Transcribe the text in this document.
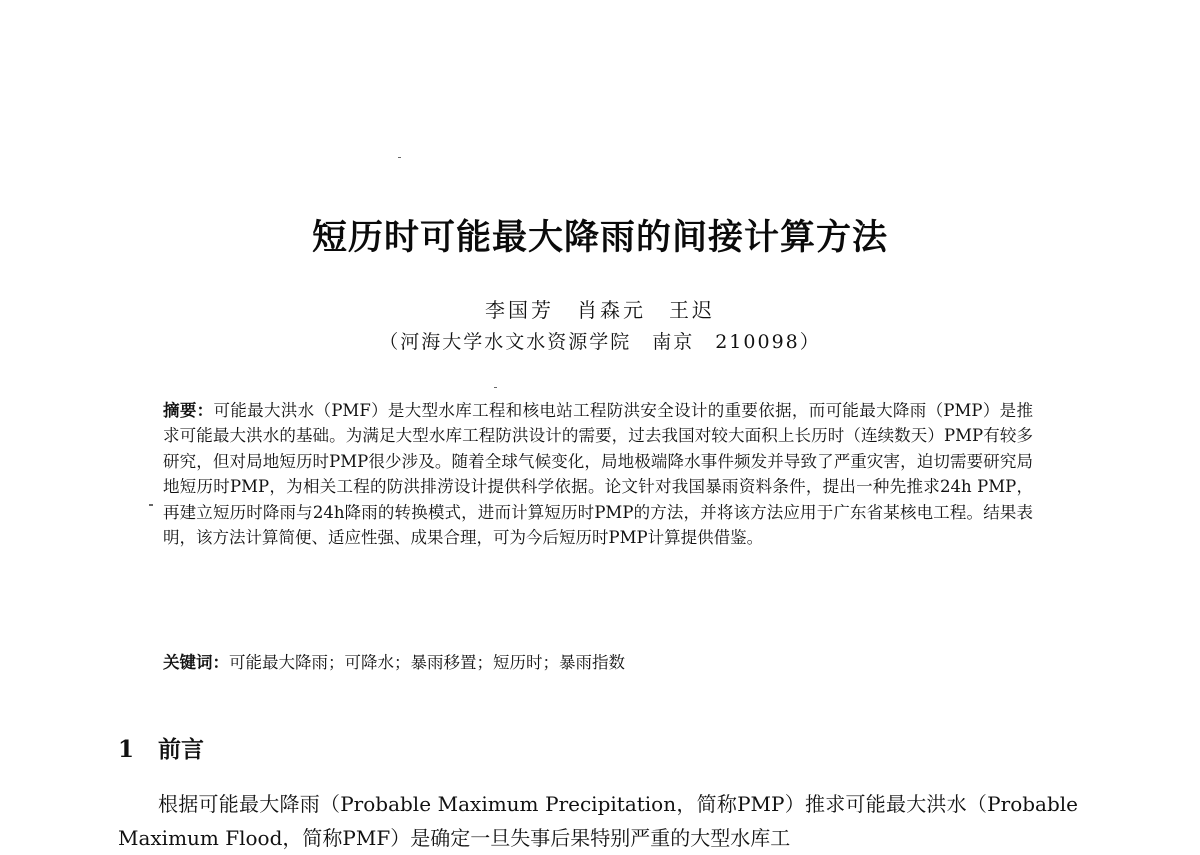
短历时可能最大降雨的间接计算方法
李国芳　肖森元　王迟
（河海大学水文水资源学院　南京　210098）
摘要：可能最大洪水（PMF）是大型水库工程和核电站工程防洪安全设计的重要依据，而可能最大降雨（PMP）是推求可能最大洪水的基础。为满足大型水库工程防洪设计的需要，过去我国对较大面积上长历时（连续数天）PMP有较多研究，但对局地短历时PMP很少涉及。随着全球气候变化，局地极端降水事件频发并导致了严重灾害，迫切需要研究局地短历时PMP，为相关工程的防洪排涝设计提供科学依据。论文针对我国暴雨资料条件，提出一种先推求24h PMP，再建立短历时降雨与24h降雨的转换模式，进而计算短历时PMP的方法，并将该方法应用于广东省某核电工程。结果表明，该方法计算简便、适应性强、成果合理，可为今后短历时PMP计算提供借鉴。
关键词：可能最大降雨；可降水；暴雨移置；短历时；暴雨指数
1 前言
根据可能最大降雨（Probable Maximum Precipitation，简称PMP）推求可能最大洪水（Probable Maximum Flood，简称PMF）是确定一旦失事后果特别严重的大型水库工
